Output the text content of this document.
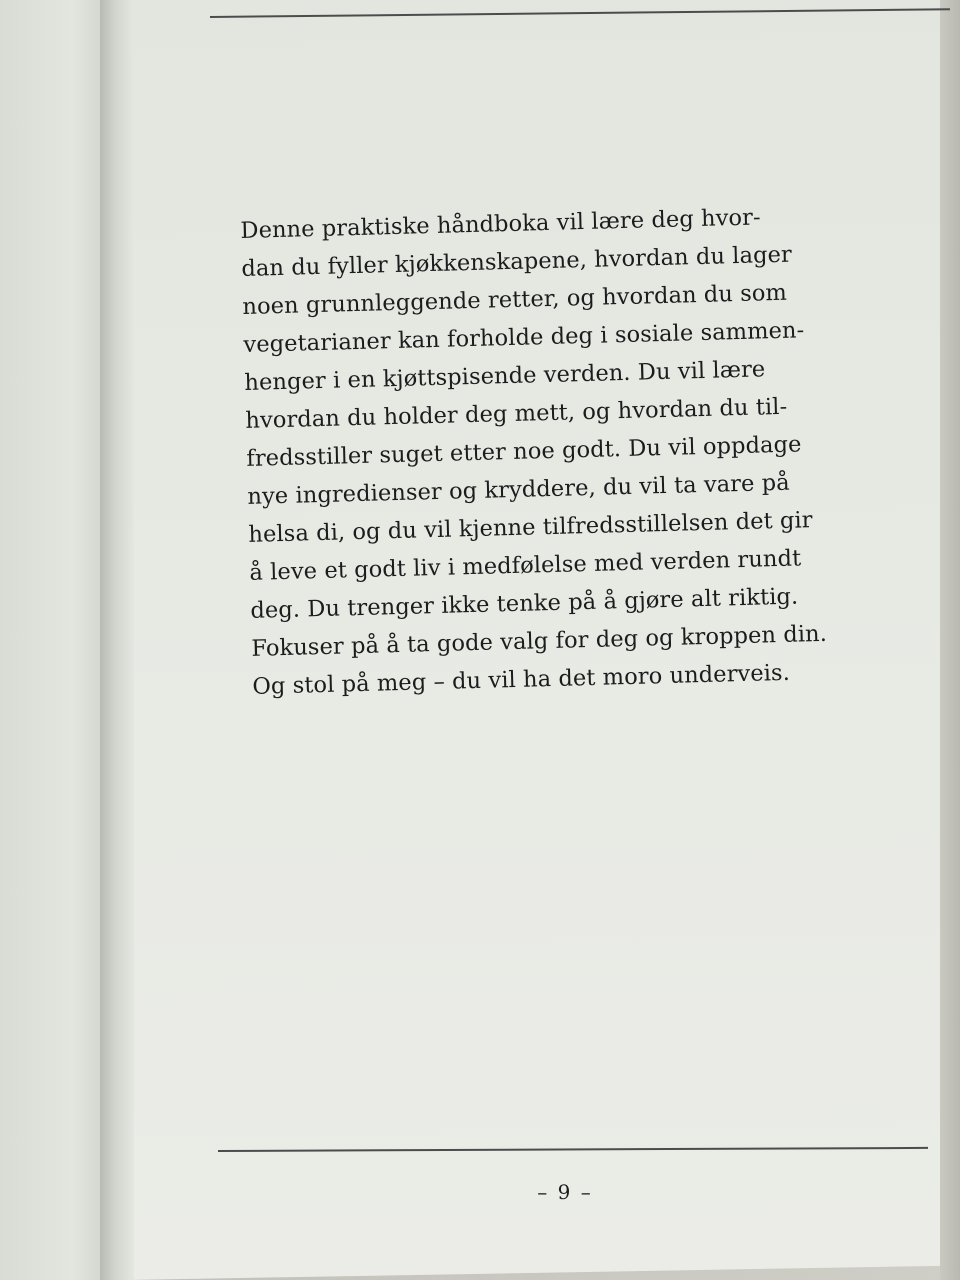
Denne praktiske håndboka vil lære deg hvor-
dan du fyller kjøkkenskapene, hvordan du lager
noen grunnleggende retter, og hvordan du som
vegetarianer kan forholde deg i sosiale sammen-
henger i en kjøttspisende verden. Du vil lære
hvordan du holder deg mett, og hvordan du til-
fredsstiller suget etter noe godt. Du vil oppdage
nye ingredienser og kryddere, du vil ta vare på
helsa di, og du vil kjenne tilfredsstillelsen det gir
å leve et godt liv i medfølelse med verden rundt
deg. Du trenger ikke tenke på å gjøre alt riktig.
Fokuser på å ta gode valg for deg og kroppen din.
Og stol på meg – du vil ha det moro underveis.
– 9 –
